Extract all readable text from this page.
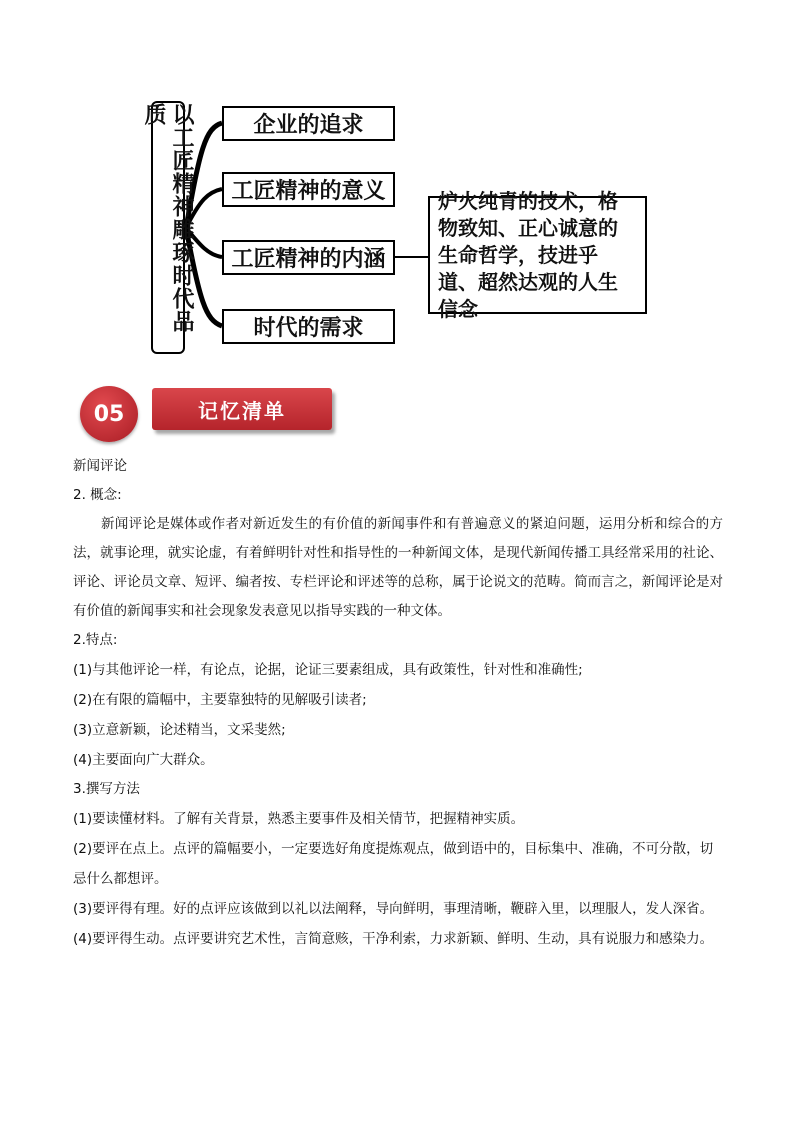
以工匠精神雕琢时代品质	企业的追求
工匠精神的意义
工匠精神的内涵
时代的需求
炉火纯青的技术，格物致知、正心诚意的生命哲学，技进乎道、超然达观的人生信念
05	记忆清单
新闻评论
2. 概念:
新闻评论是媒体或作者对新近发生的有价值的新闻事件和有普遍意义的紧迫问题，运用分析和综合的方法，就事论理，就实论虚，有着鲜明针对性和指导性的一种新闻文体，是现代新闻传播工具经常采用的社论、评论、评论员文章、短评、编者按、专栏评论和评述等的总称，属于论说文的范畴。简而言之，新闻评论是对有价值的新闻事实和社会现象发表意见以指导实践的一种文体。
2.特点:
(1)与其他评论一样，有论点，论据，论证三要素组成，具有政策性，针对性和准确性;
(2)在有限的篇幅中，主要靠独特的见解吸引读者;
(3)立意新颖，论述精当，文采斐然;
(4)主要面向广大群众。
3.撰写方法
(1)要读懂材料。了解有关背景，熟悉主要事件及相关情节，把握精神实质。
(2)要评在点上。点评的篇幅要小，一定要选好角度提炼观点，做到语中的，目标集中、准确，不可分散，切忌什么都想评。
(3)要评得有理。好的点评应该做到以礼以法阐释，导向鲜明，事理清晰，鞭辟入里，以理服人，发人深省。
(4)要评得生动。点评要讲究艺术性，言简意赅，干净利索，力求新颖、鲜明、生动，具有说服力和感染力。
